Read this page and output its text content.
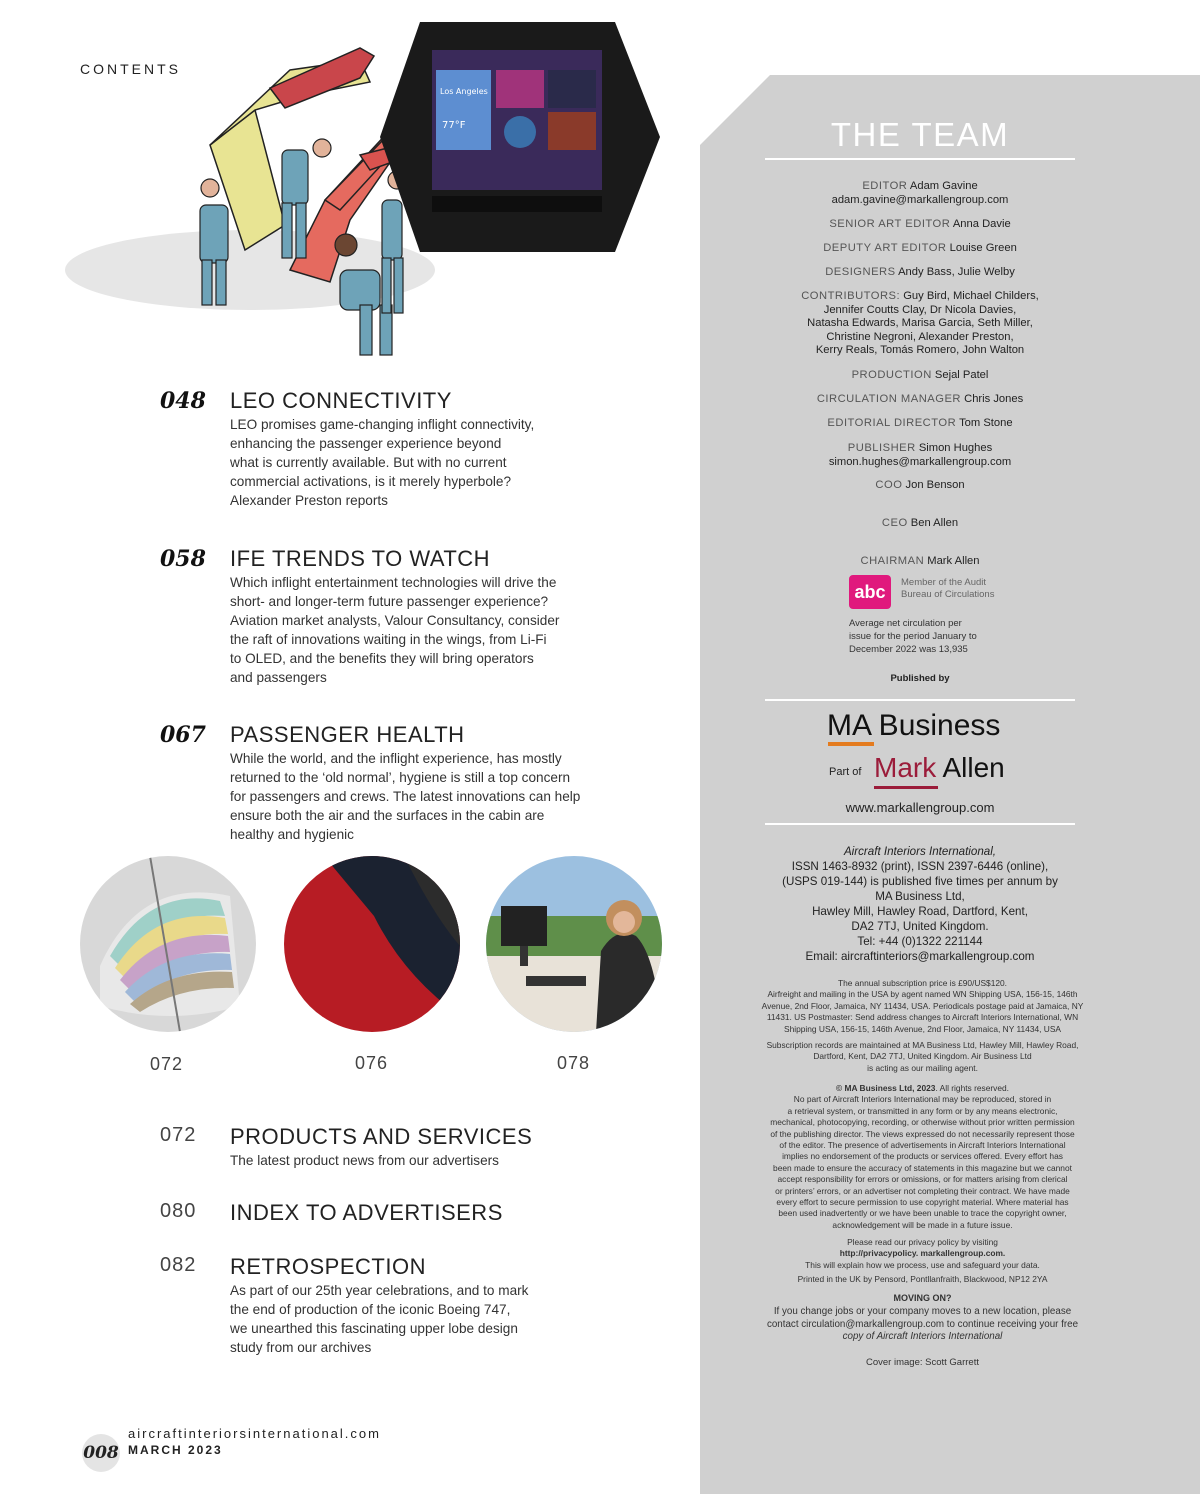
CONTENTS
Los Angeles
77°F
048 LEO CONNECTIVITY
LEO promises game-changing inflight connectivity,
enhancing the passenger experience beyond
what is currently available. But with no current
commercial activations, is it merely hyperbole?
Alexander Preston reports
058 IFE TRENDS TO WATCH
Which inflight entertainment technologies will drive the
short- and longer-term future passenger experience?
Aviation market analysts, Valour Consultancy, consider
the raft of innovations waiting in the wings, from Li-Fi
to OLED, and the benefits they will bring operators
and passengers
067 PASSENGER HEALTH
While the world, and the inflight experience, has mostly
returned to the ‘old normal’, hygiene is still a top concern
for passengers and crews. The latest innovations can help
ensure both the air and the surfaces in the cabin are
healthy and hygienic
072	076	078
072 PRODUCTS AND SERVICES
The latest product news from our advertisers
080 INDEX TO ADVERTISERS
082 RETROSPECTION
As part of our 25th year celebrations, and to mark
the end of production of the iconic Boeing 747,
we unearthed this fascinating upper lobe design
study from our archives
008
aircraftinteriorsinternational.com
MARCH 2023
THE TEAM
EDITOR Adam Gavine
adam.gavine@markallengroup.com
SENIOR ART EDITOR Anna Davie
DEPUTY ART EDITOR Louise Green
DESIGNERS Andy Bass, Julie Welby
CONTRIBUTORS: Guy Bird, Michael Childers,
Jennifer Coutts Clay, Dr Nicola Davies,
Natasha Edwards, Marisa Garcia, Seth Miller,
Christine Negroni, Alexander Preston,
Kerry Reals, Tomás Romero, John Walton
PRODUCTION Sejal Patel
CIRCULATION MANAGER Chris Jones
EDITORIAL DIRECTOR Tom Stone
PUBLISHER Simon Hughes
simon.hughes@markallengroup.com
COO Jon Benson
CEO Ben Allen
CHAIRMAN Mark Allen
abc	Member of the Audit
Bureau of Circulations
Average net circulation per
issue for the period January to
December 2022 was 13,935
Published by
MA Business
Part of Mark Allen
www.markallengroup.com
Aircraft Interiors International,
ISSN 1463-8932 (print), ISSN 2397-6446 (online),
(USPS 019-144) is published five times per annum by
MA Business Ltd,
Hawley Mill, Hawley Road, Dartford, Kent,
DA2 7TJ, United Kingdom.
Tel: +44 (0)1322 221144
Email: aircraftinteriors@markallengroup.com
The annual subscription price is £90/US$120.
Airfreight and mailing in the USA by agent named WN Shipping USA, 156-15, 146th
Avenue, 2nd Floor, Jamaica, NY 11434, USA. Periodicals postage paid at Jamaica, NY
11431. US Postmaster: Send address changes to Aircraft Interiors International, WN
Shipping USA, 156-15, 146th Avenue, 2nd Floor, Jamaica, NY 11434, USA
Subscription records are maintained at MA Business Ltd, Hawley Mill, Hawley Road,
Dartford, Kent, DA2 7TJ, United Kingdom. Air Business Ltd
is acting as our mailing agent.
© MA Business Ltd, 2023. All rights reserved.
No part of Aircraft Interiors International may be reproduced, stored in
a retrieval system, or transmitted in any form or by any means electronic,
mechanical, photocopying, recording, or otherwise without prior written permission
of the publishing director. The views expressed do not necessarily represent those
of the editor. The presence of advertisements in Aircraft Interiors International
implies no endorsement of the products or services offered. Every effort has
been made to ensure the accuracy of statements in this magazine but we cannot
accept responsibility for errors or omissions, or for matters arising from clerical
or printers’ errors, or an advertiser not completing their contract. We have made
every effort to secure permission to use copyright material. Where material has
been used inadvertently or we have been unable to trace the copyright owner,
acknowledgement will be made in a future issue.
Please read our privacy policy by visiting
http://privacypolicy. markallengroup.com.
This will explain how we process, use and safeguard your data.
Printed in the UK by Pensord, Pontllanfraith, Blackwood, NP12 2YA
MOVING ON?
If you change jobs or your company moves to a new location, please
contact circulation@markallengroup.com to continue receiving your free
copy of Aircraft Interiors International
Cover image: Scott Garrett
